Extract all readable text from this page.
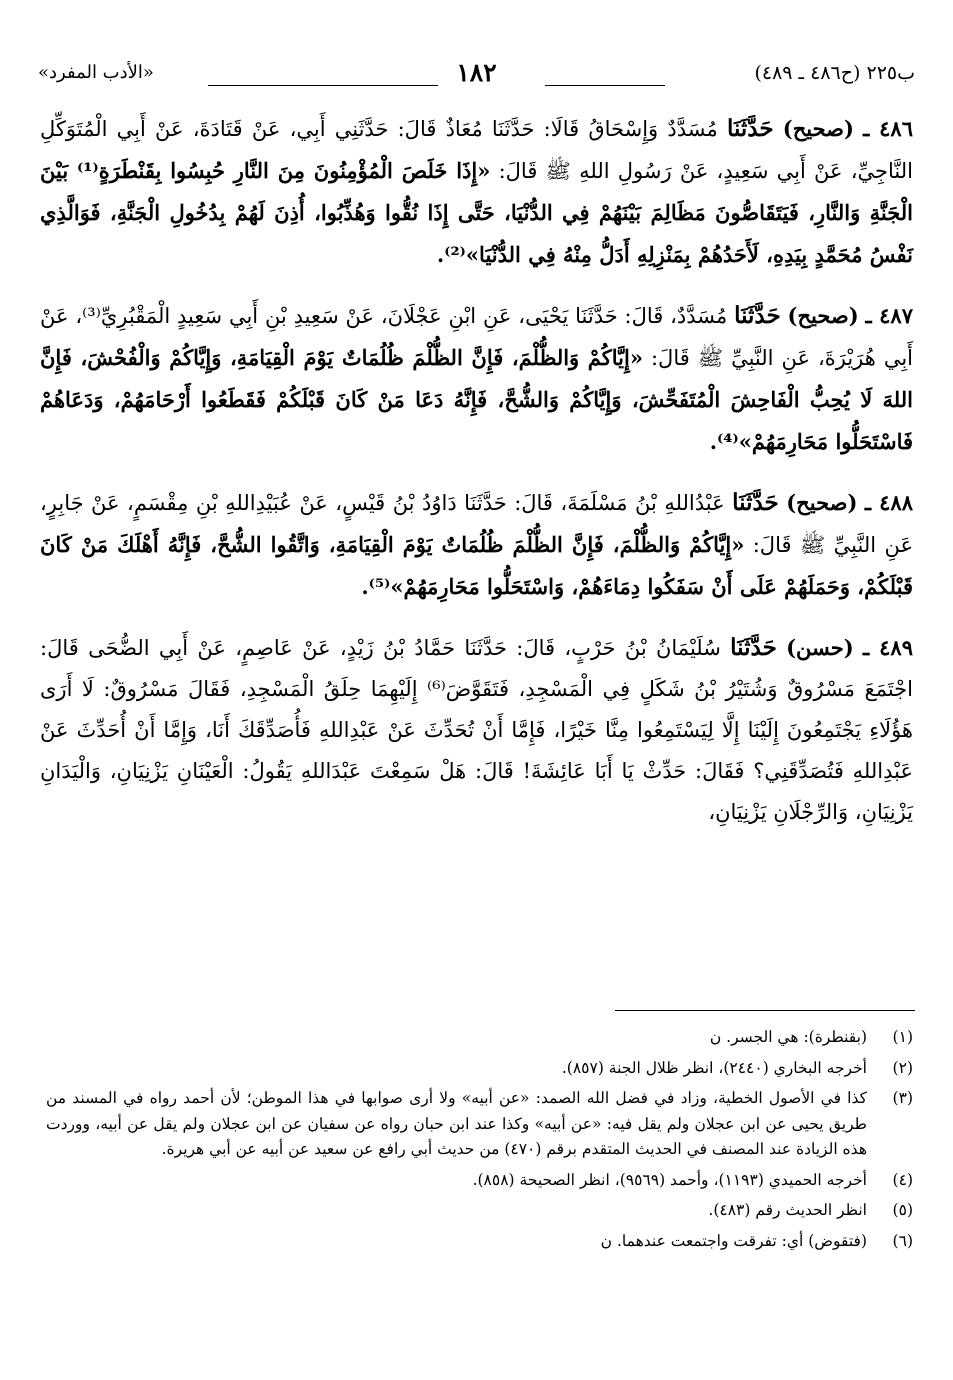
ب٢٢٥ (ح٤٨٦ ـ ٤٨٩)
١٨٢
«الأدب المفرد»

٤٨٦ ـ (صحيح) حَدَّثَنَا مُسَدَّدٌ وَإِسْحَاقُ قَالَا: حَدَّثَنَا مُعَاذٌ قَالَ: حَدَّثَنِي أَبِي، عَنْ قَتَادَةَ، عَنْ أَبِي الْمُتَوَكِّلِ النَّاجِيِّ، عَنْ أَبِي سَعِيدٍ، عَنْ رَسُولِ اللهِ ﷺ قَالَ: «إِذَا خَلَصَ الْمُؤْمِنُونَ مِنَ النَّارِ حُبِسُوا بِقَنْطَرَةٍ⁽¹⁾ بَيْنَ الْجَنَّةِ وَالنَّارِ، فَيَتَقَاصُّونَ مَظَالِمَ بَيْنَهُمْ فِي الدُّنْيَا، حَتَّى إِذَا نُقُّوا وَهُذِّبُوا، أُذِنَ لَهُمْ بِدُخُولِ الْجَنَّةِ، فَوَالَّذِي نَفْسُ مُحَمَّدٍ بِيَدِهِ، لَأَحَدُهُمْ بِمَنْزِلِهِ أَدَلُّ مِنْهُ فِي الدُّنْيَا»⁽²⁾.

٤٨٧ ـ (صحيح) حَدَّثَنَا مُسَدَّدٌ، قَالَ: حَدَّثَنَا يَحْيَى، عَنِ ابْنِ عَجْلَانَ، عَنْ سَعِيدِ بْنِ أَبِي سَعِيدٍ الْمَقْبُرِيِّ⁽³⁾، عَنْ أَبِي هُرَيْرَةَ، عَنِ النَّبِيِّ ﷺ قَالَ: «إِيَّاكُمْ وَالظُّلْمَ، فَإِنَّ الظُّلْمَ ظُلُمَاتٌ يَوْمَ الْقِيَامَةِ، وَإِيَّاكُمْ وَالْفُحْشَ، فَإِنَّ اللهَ لَا يُحِبُّ الْفَاحِشَ الْمُتَفَحِّشَ، وَإِيَّاكُمْ وَالشُّحَّ، فَإِنَّهُ دَعَا مَنْ كَانَ قَبْلَكُمْ فَقَطَعُوا أَرْحَامَهُمْ، وَدَعَاهُمْ فَاسْتَحَلُّوا مَحَارِمَهُمْ»⁽⁴⁾.

٤٨٨ ـ (صحيح) حَدَّثَنَا عَبْدُاللهِ بْنُ مَسْلَمَةَ، قَالَ: حَدَّثَنَا دَاوُدُ بْنُ قَيْسٍ، عَنْ عُبَيْدِاللهِ بْنِ مِقْسَمٍ، عَنْ جَابِرٍ، عَنِ النَّبِيِّ ﷺ قَالَ: «إِيَّاكُمْ وَالظُّلْمَ، فَإِنَّ الظُّلْمَ ظُلُمَاتٌ يَوْمَ الْقِيَامَةِ، وَاتَّقُوا الشُّحَّ، فَإِنَّهُ أَهْلَكَ مَنْ كَانَ قَبْلَكُمْ، وَحَمَلَهُمْ عَلَى أَنْ سَفَكُوا دِمَاءَهُمْ، وَاسْتَحَلُّوا مَحَارِمَهُمْ»⁽⁵⁾.

٤٨٩ ـ (حسن) حَدَّثَنَا سُلَيْمَانُ بْنُ حَرْبٍ، قَالَ: حَدَّثَنَا حَمَّادُ بْنُ زَيْدٍ، عَنْ عَاصِمٍ، عَنْ أَبِي الضُّحَى قَالَ: اجْتَمَعَ مَسْرُوقٌ وَشُتَيْرُ بْنُ شَكَلٍ فِي الْمَسْجِدِ، فَتَقَوَّضَ⁽⁶⁾ إِلَيْهِمَا حِلَقُ الْمَسْجِدِ، فَقَالَ مَسْرُوقٌ: لَا أَرَى هَؤُلَاءِ يَجْتَمِعُونَ إِلَيْنَا إِلَّا لِيَسْتَمِعُوا مِنَّا خَيْرًا، فَإِمَّا أَنْ تُحَدِّثَ عَنْ عَبْدِاللهِ فَأُصَدِّقَكَ أَنَا، وَإِمَّا أَنْ أُحَدِّثَ عَنْ عَبْدِاللهِ فَتُصَدِّقَنِي؟ فَقَالَ: حَدِّثْ يَا أَبَا عَائِشَةَ! قَالَ: هَلْ سَمِعْتَ عَبْدَاللهِ يَقُولُ: الْعَيْنَانِ يَزْنِيَانِ، وَالْيَدَانِ يَزْنِيَانِ، وَالرِّجْلَانِ يَزْنِيَانِ،

(١)
(بقنطرة): هي الجسر. ن
(٢)
أخرجه البخاري (٢٤٤٠)، انظر ظلال الجنة (٨٥٧).
(٣)
كذا في الأصول الخطية، وزاد في فضل الله الصمد: «عن أبيه» ولا أرى صوابها في هذا الموطن؛ لأن أحمد رواه في المسند من طريق يحيى عن ابن عجلان ولم يقل فيه: «عن أبيه» وكذا عند ابن حبان رواه عن سفيان عن ابن عجلان ولم يقل عن أبيه، ووردت هذه الزيادة عند المصنف في الحديث المتقدم برقم (٤٧٠) من حديث أبي رافع عن سعيد عن أبيه عن أبي هريرة.
(٤)
أخرجه الحميدي (١١٩٣)، وأحمد (٩٥٦٩)، انظر الصحيحة (٨٥٨).
(٥)
انظر الحديث رقم (٤٨٣).
(٦)
(فتقوض) أي: تفرقت واجتمعت عندهما. ن
